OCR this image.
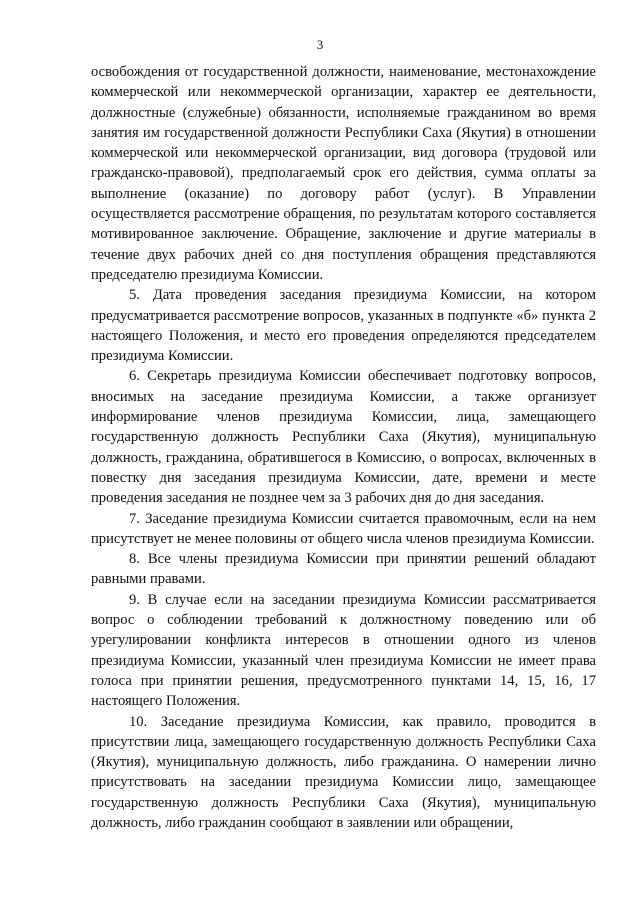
3

освобождения от государственной должности, наименование, местонахождение коммерческой или некоммерческой организации, характер ее деятельности, должностные (служебные) обязанности, исполняемые гражданином во время занятия им государственной должности Республики Саха (Якутия) в отношении коммерческой или некоммерческой организации, вид договора (трудовой или гражданско-правовой), предполагаемый срок его действия, сумма оплаты за выполнение (оказание) по договору работ (услуг). В Управлении осуществляется рассмотрение обращения, по результатам которого составляется мотивированное заключение. Обращение, заключение и другие материалы в течение двух рабочих дней со дня поступления обращения представляются председателю президиума Комиссии.

5. Дата проведения заседания президиума Комиссии, на котором предусматривается рассмотрение вопросов, указанных в подпункте «б» пункта 2 настоящего Положения, и место его проведения определяются председателем президиума Комиссии.

6. Секретарь президиума Комиссии обеспечивает подготовку вопросов, вносимых на заседание президиума Комиссии, а также организует информирование членов президиума Комиссии, лица, замещающего государственную должность Республики Саха (Якутия), муниципальную должность, гражданина, обратившегося в Комиссию, о вопросах, включенных в повестку дня заседания президиума Комиссии, дате, времени и месте проведения заседания не позднее чем за 3 рабочих дня до дня заседания.

7. Заседание президиума Комиссии считается правомочным, если на нем присутствует не менее половины от общего числа членов президиума Комиссии.

8. Все члены президиума Комиссии при принятии решений обладают равными правами.

9. В случае если на заседании президиума Комиссии рассматривается вопрос о соблюдении требований к должностному поведению или об урегулировании конфликта интересов в отношении одного из членов президиума Комиссии, указанный член президиума Комиссии не имеет права голоса при принятии решения, предусмотренного пунктами 14, 15, 16, 17 настоящего Положения.

10. Заседание президиума Комиссии, как правило, проводится в присутствии лица, замещающего государственную должность Республики Саха (Якутия), муниципальную должность, либо гражданина. О намерении лично присутствовать на заседании президиума Комиссии лицо, замещающее государственную должность Республики Саха (Якутия), муниципальную должность, либо гражданин сообщают в заявлении или обращении,
